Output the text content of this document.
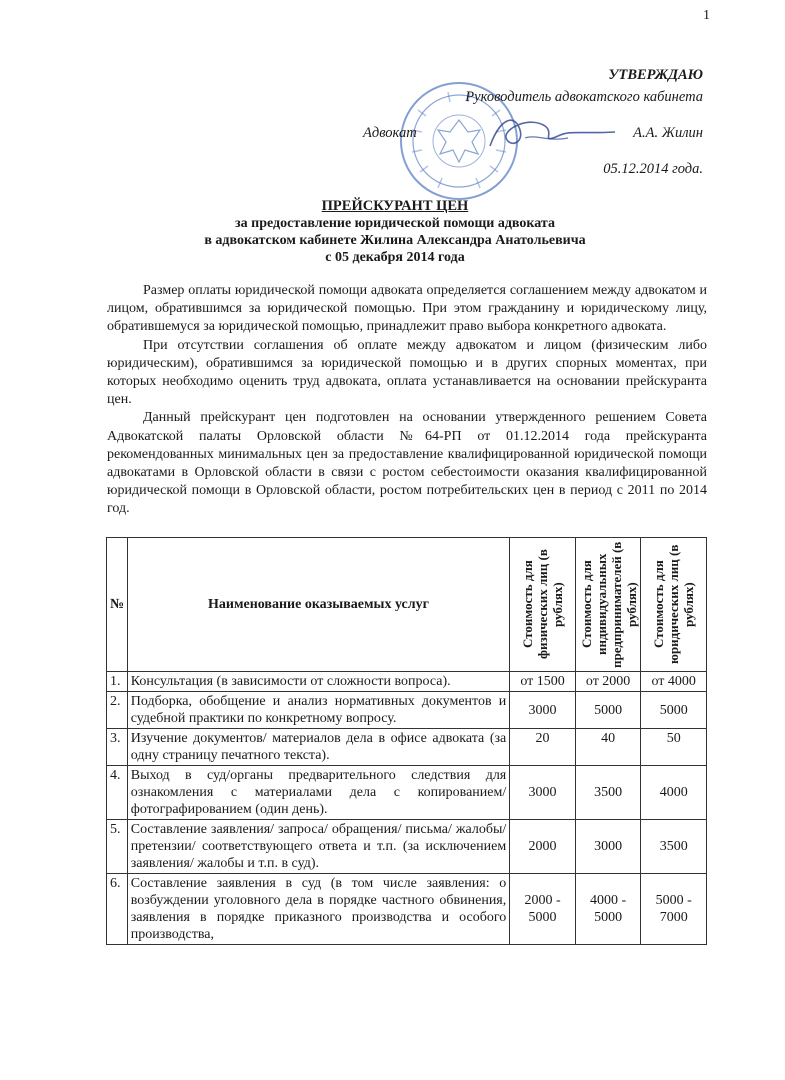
1
УТВЕРЖДАЮ
Руководитель адвокатского кабинета
Адвокат	А.А. Жилин
05.12.2014 года.
ПРЕЙСКУРАНТ ЦЕН
за предоставление юридической помощи адвоката
в адвокатском кабинете Жилина Александра Анатольевича
с 05 декабря 2014 года

Размер оплаты юридической помощи адвоката определяется соглашением между адвокатом и лицом, обратившимся за юридической помощью. При этом гражданину и юридическому лицу, обратившемуся за юридической помощью, принадлежит право выбора конкретного адвоката.

При отсутствии соглашения об оплате между адвокатом и лицом (физическим либо юридическим), обратившимся за юридической помощью и в других спорных моментах, при которых необходимо оценить труд адвоката, оплата устанавливается на основании прейскуранта цен.

Данный прейскурант цен подготовлен на основании утвержденного решением Совета Адвокатской палаты Орловской области №64-РП от 01.12.2014 года прейскуранта рекомендованных минимальных цен за предоставление квалифицированной юридической помощи адвокатами в Орловской области в связи с ростом себестоимости оказания квалифицированной юридической помощи в Орловской области, ростом потребительских цен в период с 2011 по 2014 год.

№	Наименование оказываемых услуг	Стоимость для физических лиц (в рублях)	Стоимость для индивидуальных предпринимателей (в рублях)	Стоимость для юридических лиц (в рублях)

1.	Консультация (в зависимости от сложности вопроса).	от 1500	от 2000	от 4000
2.	Подборка, обобщение и анализ нормативных документов и судебной практики по конкретному вопросу.	3000	5000	5000
3.	Изучение документов/ материалов дела в офисе адвоката (за одну страницу печатного текста).	20	40	50
4.	Выход в суд/органы предварительного следствия для ознакомления с материалами дела с копированием/фотографированием (один день).	3000	3500	4000
5.	Составление заявления/ запроса/ обращения/ письма/ жалобы/ претензии/ соответствующего ответа и т.п. (за исключением заявления/ жалобы и т.п. в суд).	2000	3000	3500
6.	Составление заявления в суд (в том числе заявления: о возбуждении уголовного дела в порядке частного обвинения, заявления в порядке приказного производства и особого производства,	2000 - 5000	4000 - 5000	5000 - 7000
